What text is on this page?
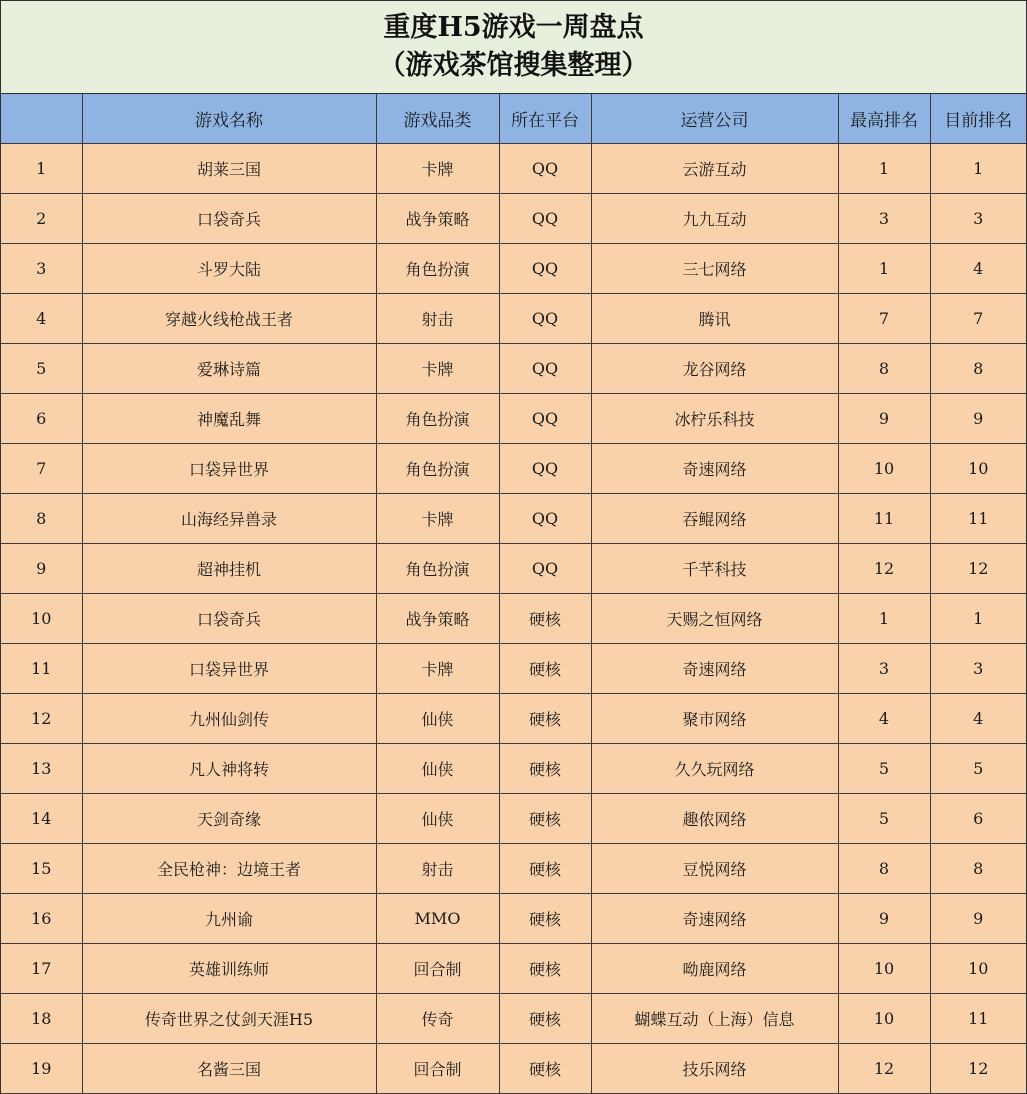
重度H5游戏一周盘点
（游戏茶馆搜集整理）
	游戏名称	游戏品类	所在平台	运营公司	最高排名	目前排名
1	胡莱三国	卡牌	QQ	云游互动	1	1
2	口袋奇兵	战争策略	QQ	九九互动	3	3
3	斗罗大陆	角色扮演	QQ	三七网络	1	4
4	穿越火线枪战王者	射击	QQ	腾讯	7	7
5	爱琳诗篇	卡牌	QQ	龙谷网络	8	8
6	神魔乱舞	角色扮演	QQ	冰柠乐科技	9	9
7	口袋异世界	角色扮演	QQ	奇速网络	10	10
8	山海经异兽录	卡牌	QQ	吞鲲网络	11	11
9	超神挂机	角色扮演	QQ	千芊科技	12	12
10	口袋奇兵	战争策略	硬核	天赐之恒网络	1	1
11	口袋异世界	卡牌	硬核	奇速网络	3	3
12	九州仙剑传	仙侠	硬核	聚市网络	4	4
13	凡人神将转	仙侠	硬核	久久玩网络	5	5
14	天剑奇缘	仙侠	硬核	趣侬网络	5	6
15	全民枪神：边境王者	射击	硬核	豆悦网络	8	8
16	九州谕	MMO	硬核	奇速网络	9	9
17	英雄训练师	回合制	硬核	呦鹿网络	10	10
18	传奇世界之仗剑天涯H5	传奇	硬核	蝴蝶互动（上海）信息	10	11
19	名酱三国	回合制	硬核	技乐网络	12	12
